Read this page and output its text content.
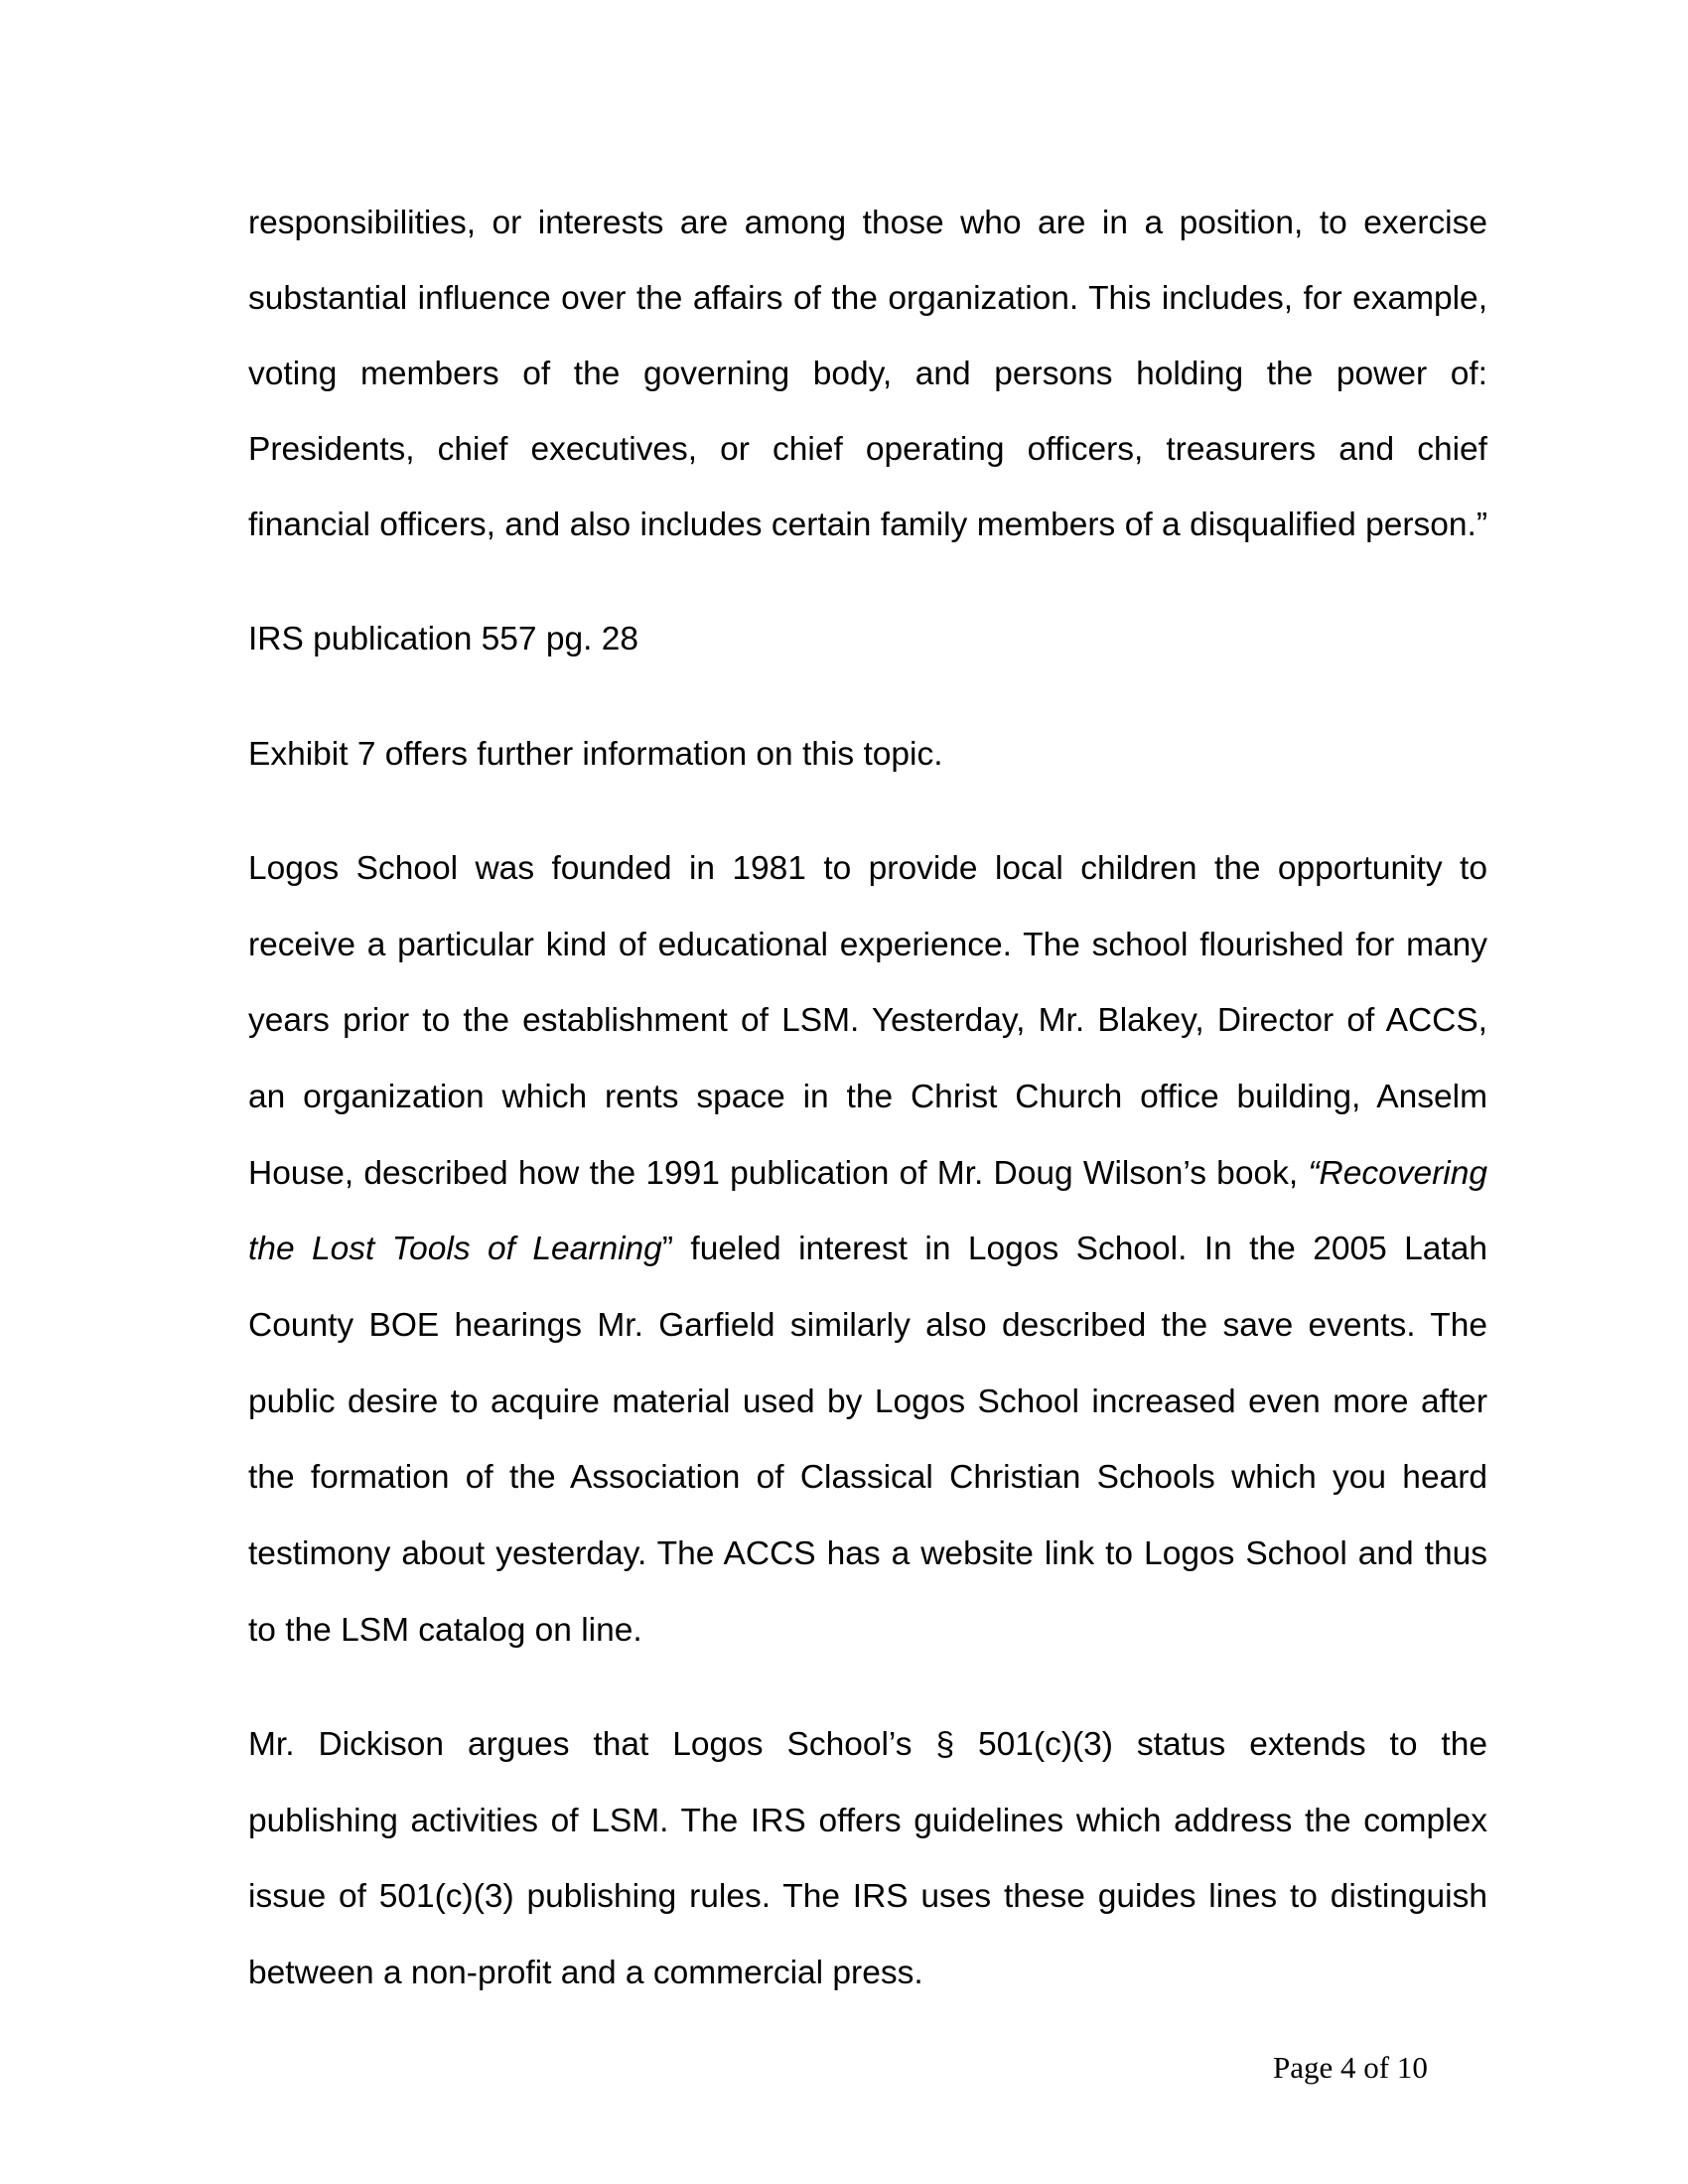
responsibilities, or interests are among those who are in a position, to exercise
substantial influence over the affairs of the organization. This includes, for example,
voting members of the governing body, and persons holding the power of:
Presidents, chief executives, or chief operating officers, treasurers and chief
financial officers, and also includes certain family members of a disqualified person.”
IRS publication 557 pg. 28
Exhibit 7 offers further information on this topic.
Logos School was founded in 1981 to provide local children the opportunity to
receive a particular kind of educational experience. The school flourished for many
years prior to the establishment of LSM. Yesterday, Mr. Blakey, Director of ACCS,
an organization which rents space in the Christ Church office building, Anselm
House, described how the 1991 publication of Mr. Doug Wilson’s book, “Recovering
the Lost Tools of Learning” fueled interest in Logos School. In the 2005 Latah
County BOE hearings Mr. Garfield similarly also described the save events. The
public desire to acquire material used by Logos School increased even more after
the formation of the Association of Classical Christian Schools which you heard
testimony about yesterday. The ACCS has a website link to Logos School and thus
to the LSM catalog on line.
Mr. Dickison argues that Logos School’s § 501(c)(3) status extends to the
publishing activities of LSM. The IRS offers guidelines which address the complex
issue of 501(c)(3) publishing rules. The IRS uses these guides lines to distinguish
between a non-profit and a commercial press.
Page 4 of 10
